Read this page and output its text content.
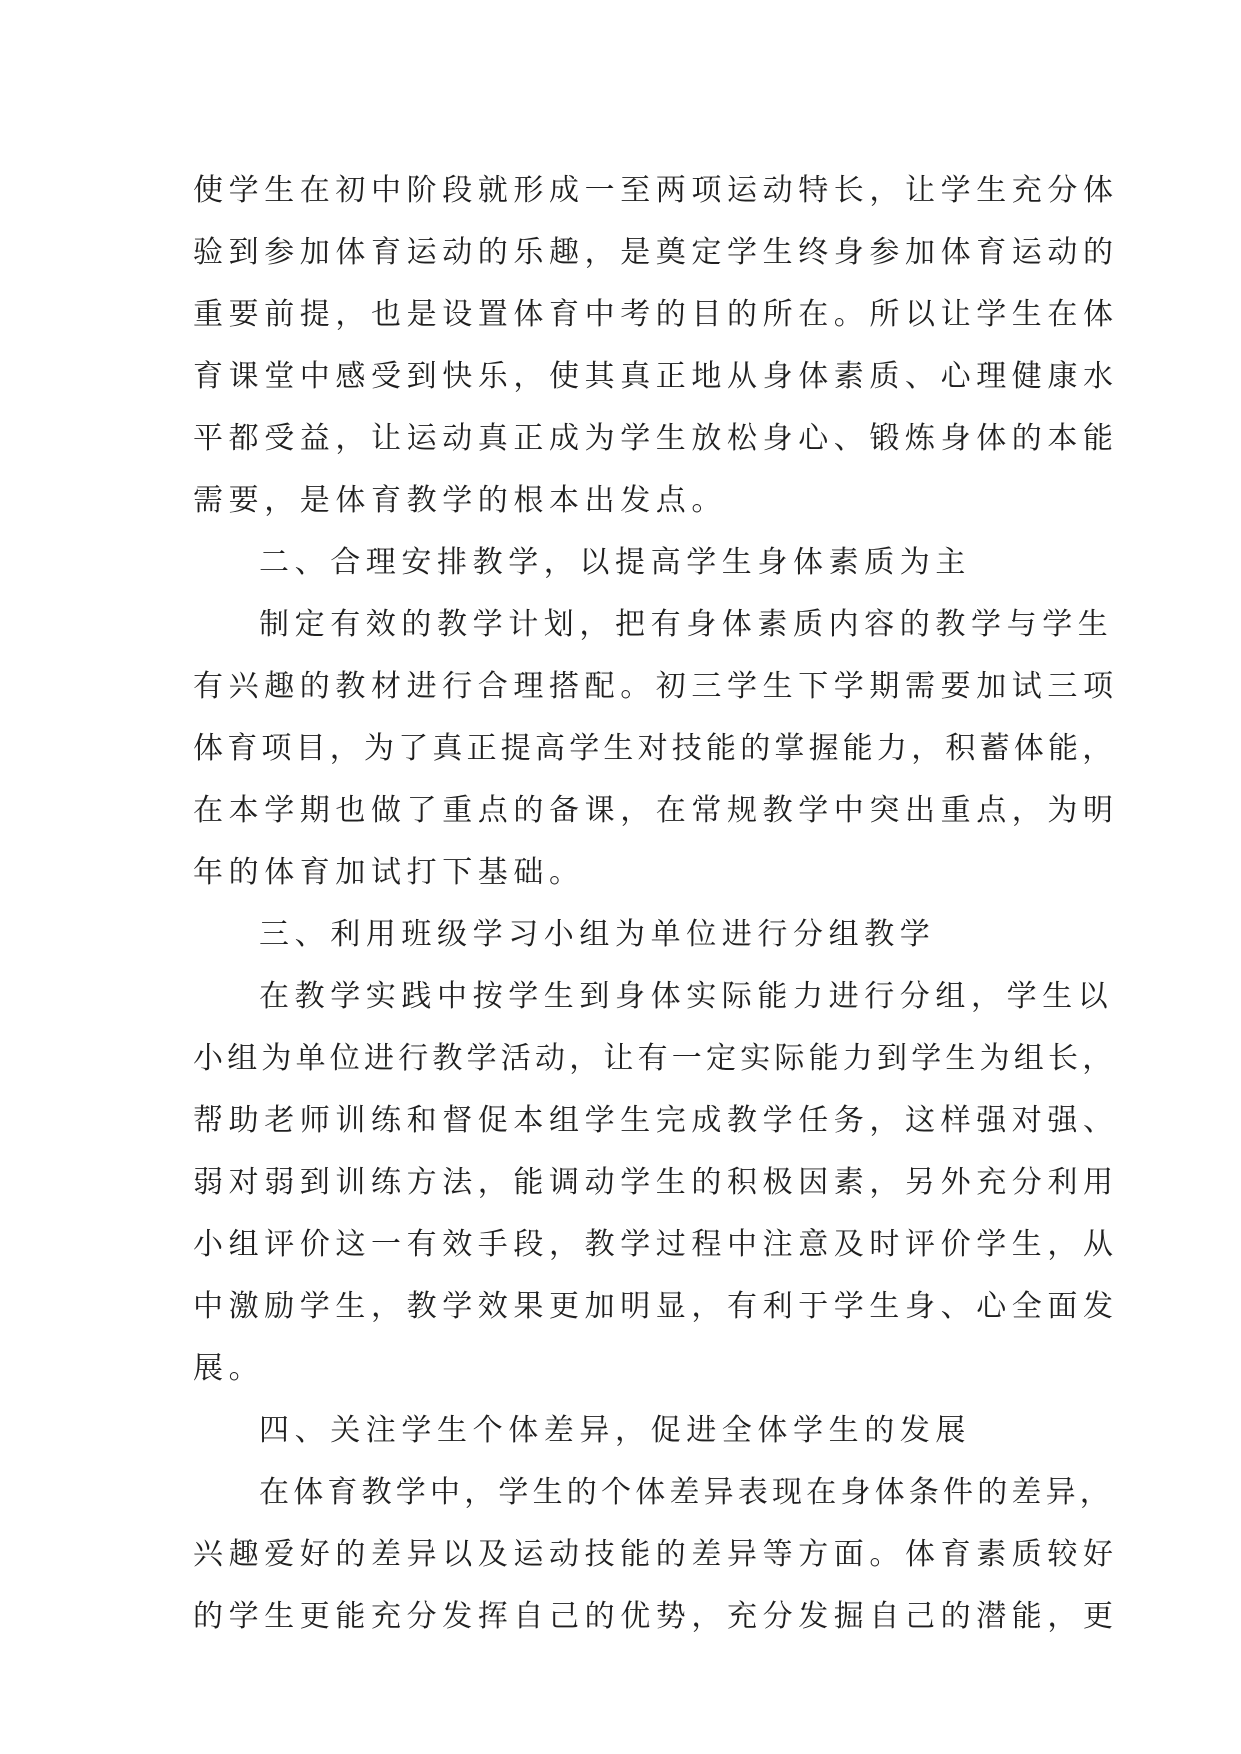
使学生在初中阶段就形成一至两项运动特长，让学生充分体
验到参加体育运动的乐趣，是奠定学生终身参加体育运动的
重要前提，也是设置体育中考的目的所在。所以让学生在体
育课堂中感受到快乐，使其真正地从身体素质、心理健康水
平都受益，让运动真正成为学生放松身心、锻炼身体的本能
需要，是体育教学的根本出发点。
二、合理安排教学，以提高学生身体素质为主
制定有效的教学计划，把有身体素质内容的教学与学生
有兴趣的教材进行合理搭配。初三学生下学期需要加试三项
体育项目，为了真正提高学生对技能的掌握能力，积蓄体能，
在本学期也做了重点的备课，在常规教学中突出重点，为明
年的体育加试打下基础。
三、利用班级学习小组为单位进行分组教学
在教学实践中按学生到身体实际能力进行分组，学生以
小组为单位进行教学活动，让有一定实际能力到学生为组长，
帮助老师训练和督促本组学生完成教学任务，这样强对强、
弱对弱到训练方法，能调动学生的积极因素，另外充分利用
小组评价这一有效手段，教学过程中注意及时评价学生，从
中激励学生，教学效果更加明显，有利于学生身、心全面发
展。
四、关注学生个体差异，促进全体学生的发展
在体育教学中，学生的个体差异表现在身体条件的差异，
兴趣爱好的差异以及运动技能的差异等方面。体育素质较好
的学生更能充分发挥自己的优势，充分发掘自己的潜能，更
